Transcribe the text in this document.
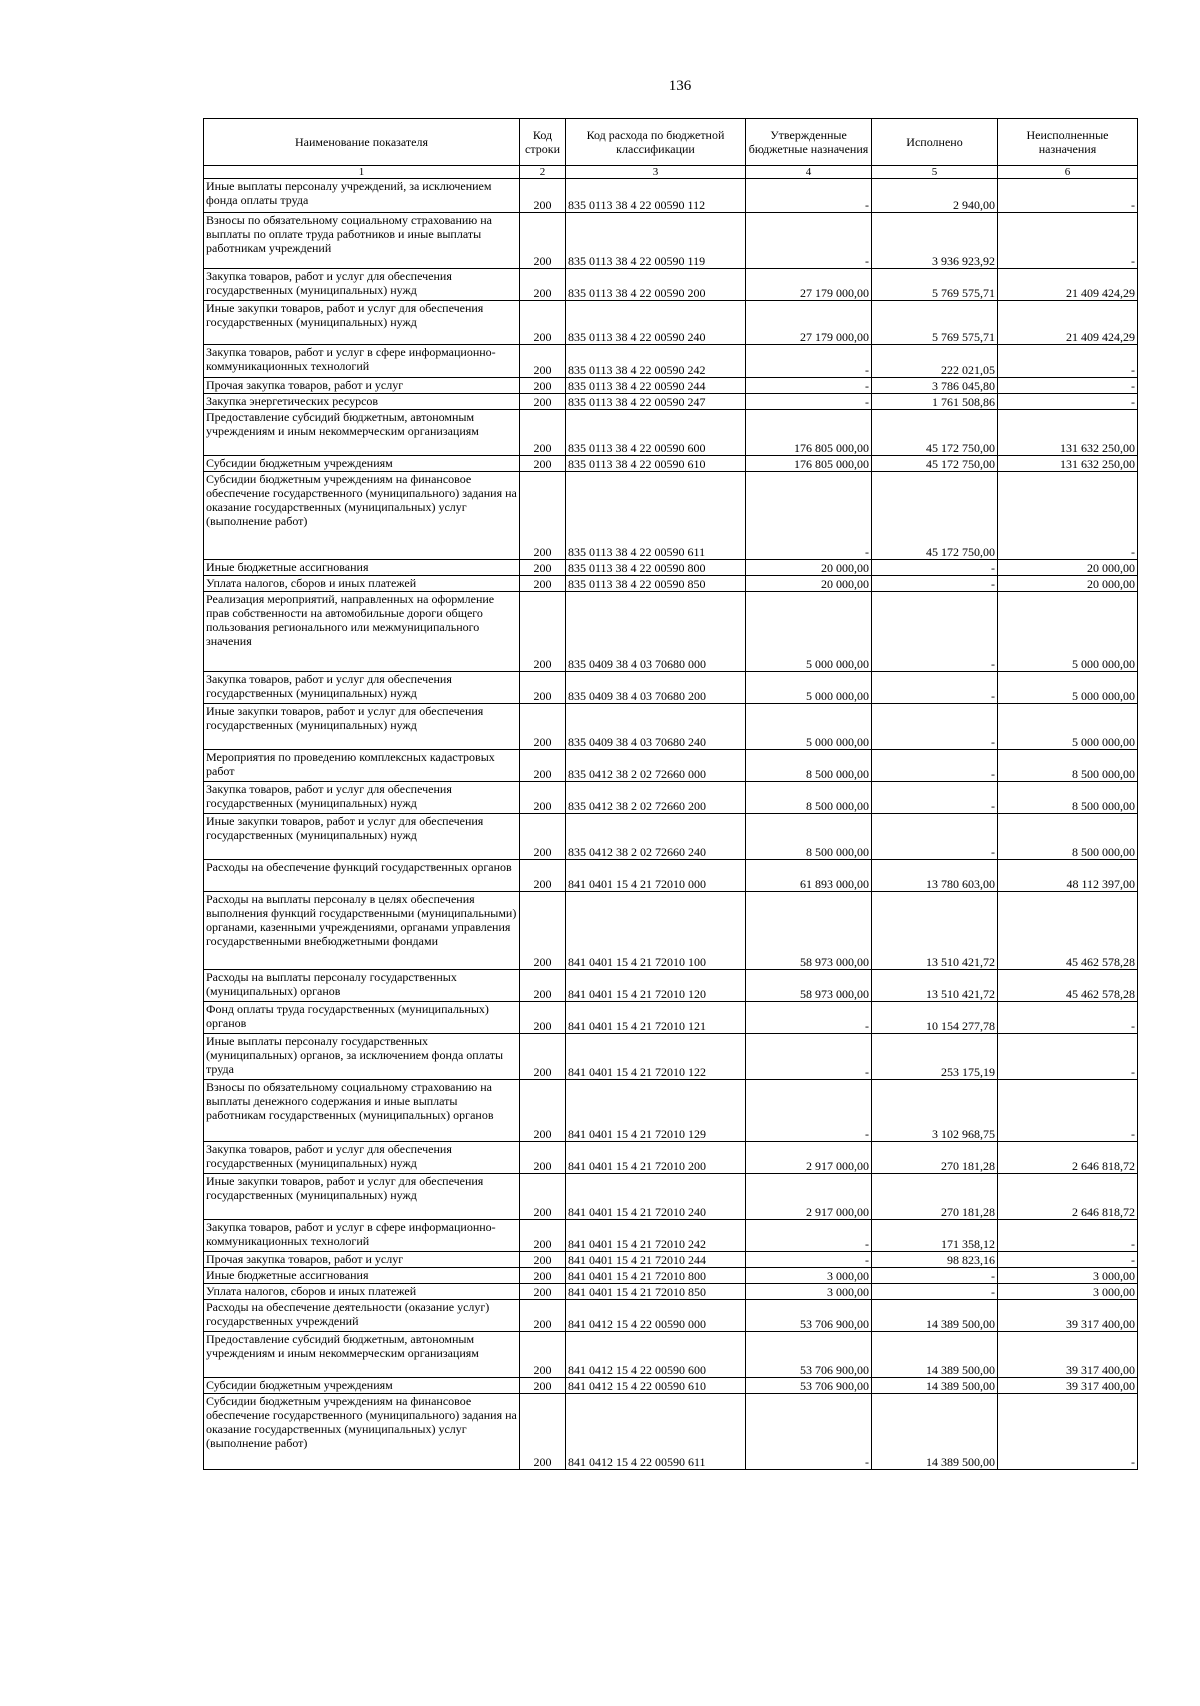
136
Наименование показателя	Код строки	Код расхода по бюджетной классификации	Утвержденные бюджетные назначения	Исполнено	Неисполненные назначения
1	2	3	4	5	6
Иные выплаты персоналу учреждений, за исключением фонда оплаты труда	200	835 0113 38 4 22 00590 112	-	2 940,00	-
Взносы по обязательному социальному страхованию на выплаты по оплате труда работников и иные выплаты работникам учреждений	200	835 0113 38 4 22 00590 119	-	3 936 923,92	-
Закупка товаров, работ и услуг для обеспечения государственных (муниципальных) нужд	200	835 0113 38 4 22 00590 200	27 179 000,00	5 769 575,71	21 409 424,29
Иные закупки товаров, работ и услуг для обеспечения государственных (муниципальных) нужд	200	835 0113 38 4 22 00590 240	27 179 000,00	5 769 575,71	21 409 424,29
Закупка товаров, работ и услуг в сфере информационно-коммуникационных технологий	200	835 0113 38 4 22 00590 242	-	222 021,05	-
Прочая закупка товаров, работ и услуг	200	835 0113 38 4 22 00590 244	-	3 786 045,80	-
Закупка энергетических ресурсов	200	835 0113 38 4 22 00590 247	-	1 761 508,86	-
Предоставление субсидий бюджетным, автономным учреждениям и иным некоммерческим организациям	200	835 0113 38 4 22 00590 600	176 805 000,00	45 172 750,00	131 632 250,00
Субсидии бюджетным учреждениям	200	835 0113 38 4 22 00590 610	176 805 000,00	45 172 750,00	131 632 250,00
Субсидии бюджетным учреждениям на финансовое обеспечение государственного (муниципального) задания на оказание государственных (муниципальных) услуг (выполнение работ)	200	835 0113 38 4 22 00590 611	-	45 172 750,00	-
Иные бюджетные ассигнования	200	835 0113 38 4 22 00590 800	20 000,00	-	20 000,00
Уплата налогов, сборов и иных платежей	200	835 0113 38 4 22 00590 850	20 000,00	-	20 000,00
Реализация мероприятий, направленных на оформление прав собственности на автомобильные дороги общего пользования регионального или межмуниципального значения	200	835 0409 38 4 03 70680 000	5 000 000,00	-	5 000 000,00
Закупка товаров, работ и услуг для обеспечения государственных (муниципальных) нужд	200	835 0409 38 4 03 70680 200	5 000 000,00	-	5 000 000,00
Иные закупки товаров, работ и услуг для обеспечения государственных (муниципальных) нужд	200	835 0409 38 4 03 70680 240	5 000 000,00	-	5 000 000,00
Мероприятия по проведению комплексных кадастровых работ	200	835 0412 38 2 02 72660 000	8 500 000,00	-	8 500 000,00
Закупка товаров, работ и услуг для обеспечения государственных (муниципальных) нужд	200	835 0412 38 2 02 72660 200	8 500 000,00	-	8 500 000,00
Иные закупки товаров, работ и услуг для обеспечения государственных (муниципальных) нужд	200	835 0412 38 2 02 72660 240	8 500 000,00	-	8 500 000,00
Расходы на обеспечение функций государственных органов	200	841 0401 15 4 21 72010 000	61 893 000,00	13 780 603,00	48 112 397,00
Расходы на выплаты персоналу в целях обеспечения выполнения функций государственными (муниципальными) органами, казенными учреждениями, органами управления государственными внебюджетными фондами	200	841 0401 15 4 21 72010 100	58 973 000,00	13 510 421,72	45 462 578,28
Расходы на выплаты персоналу государственных (муниципальных) органов	200	841 0401 15 4 21 72010 120	58 973 000,00	13 510 421,72	45 462 578,28
Фонд оплаты труда государственных (муниципальных) органов	200	841 0401 15 4 21 72010 121	-	10 154 277,78	-
Иные выплаты персоналу государственных (муниципальных) органов, за исключением фонда оплаты труда	200	841 0401 15 4 21 72010 122	-	253 175,19	-
Взносы по обязательному социальному страхованию на выплаты денежного содержания и иные выплаты работникам государственных (муниципальных) органов	200	841 0401 15 4 21 72010 129	-	3 102 968,75	-
Закупка товаров, работ и услуг для обеспечения государственных (муниципальных) нужд	200	841 0401 15 4 21 72010 200	2 917 000,00	270 181,28	2 646 818,72
Иные закупки товаров, работ и услуг для обеспечения государственных (муниципальных) нужд	200	841 0401 15 4 21 72010 240	2 917 000,00	270 181,28	2 646 818,72
Закупка товаров, работ и услуг в сфере информационно-коммуникационных технологий	200	841 0401 15 4 21 72010 242	-	171 358,12	-
Прочая закупка товаров, работ и услуг	200	841 0401 15 4 21 72010 244	-	98 823,16	-
Иные бюджетные ассигнования	200	841 0401 15 4 21 72010 800	3 000,00	-	3 000,00
Уплата налогов, сборов и иных платежей	200	841 0401 15 4 21 72010 850	3 000,00	-	3 000,00
Расходы на обеспечение деятельности (оказание услуг) государственных учреждений	200	841 0412 15 4 22 00590 000	53 706 900,00	14 389 500,00	39 317 400,00
Предоставление субсидий бюджетным, автономным учреждениям и иным некоммерческим организациям	200	841 0412 15 4 22 00590 600	53 706 900,00	14 389 500,00	39 317 400,00
Субсидии бюджетным учреждениям	200	841 0412 15 4 22 00590 610	53 706 900,00	14 389 500,00	39 317 400,00
Субсидии бюджетным учреждениям на финансовое обеспечение государственного (муниципального) задания на оказание государственных (муниципальных) услуг (выполнение работ)	200	841 0412 15 4 22 00590 611	-	14 389 500,00	-
